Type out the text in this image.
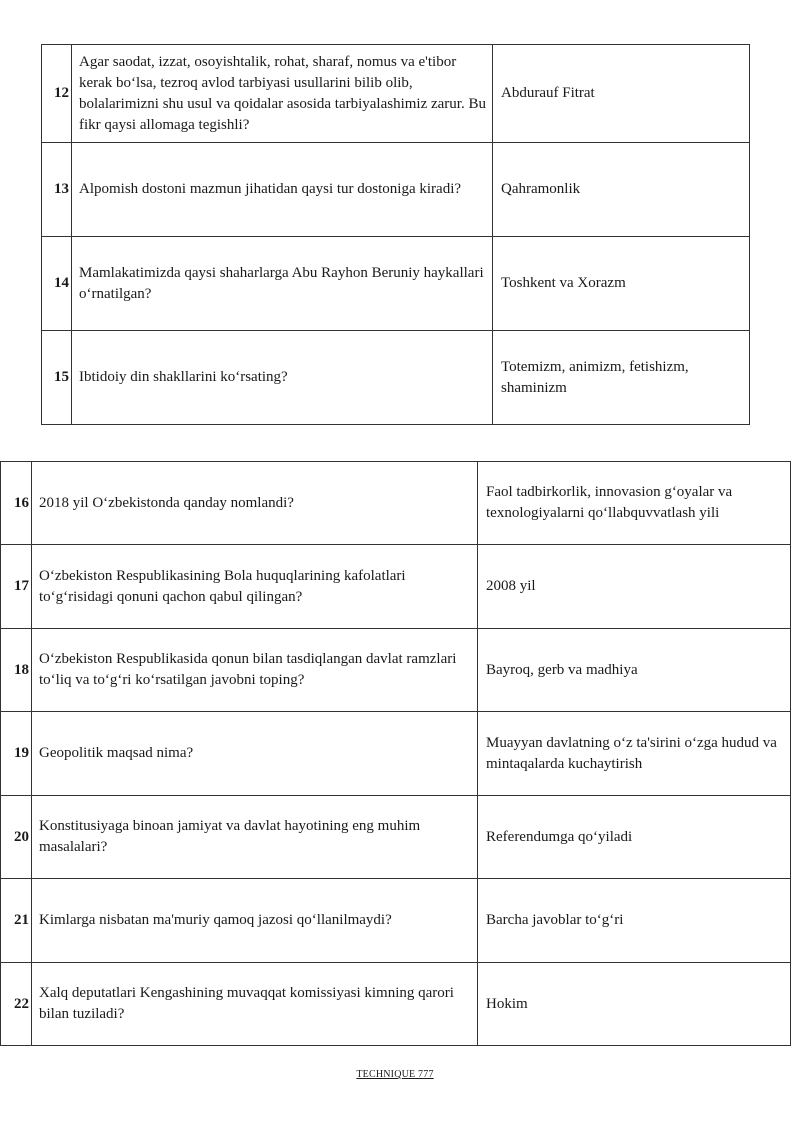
12	Agar saodat, izzat, osoyishtalik, rohat, sharaf, nomus va e'tibor kerak bo‘lsa, tezroq avlod tarbiyasi usullarini bilib olib, bolalarimizni shu usul va qoidalar asosida tarbiyalashimiz zarur. Bu fikr qaysi allomaga tegishli?	Abdurauf Fitrat
13	Alpomish dostoni mazmun jihatidan qaysi tur dostoniga kiradi?	Qahramonlik
14	Mamlakatimizda qaysi shaharlarga Abu Rayhon Beruniy haykallari o‘rnatilgan?	Toshkent va Xorazm
15	Ibtidoiy din shakllarini ko‘rsating?	Totemizm, animizm, fetishizm, shaminizm
16	2018 yil O‘zbekistonda qanday nomlandi?	Faol tadbirkorlik, innovasion g‘oyalar va texnologiyalarni qo‘llabquvvatlash yili
17	O‘zbekiston Respublikasining Bola huquqlarining kafolatlari to‘g‘risidagi qonuni qachon qabul qilingan?	2008 yil
18	O‘zbekiston Respublikasida qonun bilan tasdiqlangan davlat ramzlari to‘liq va to‘g‘ri ko‘rsatilgan javobni toping?	Bayroq, gerb va madhiya
19	Geopolitik maqsad nima?	Muayyan davlatning o‘z ta'sirini o‘zga hudud va mintaqalarda kuchaytirish
20	Konstitusiyaga binoan jamiyat va davlat hayotining eng muhim masalalari?	Referendumga qo‘yiladi
21	Kimlarga nisbatan ma'muriy qamoq jazosi qo‘llanilmaydi?	Barcha javoblar to‘g‘ri
22	Xalq deputatlari Kengashining muvaqqat komissiyasi kimning qarori bilan tuziladi?	Hokim
TECHNIQUE 777
